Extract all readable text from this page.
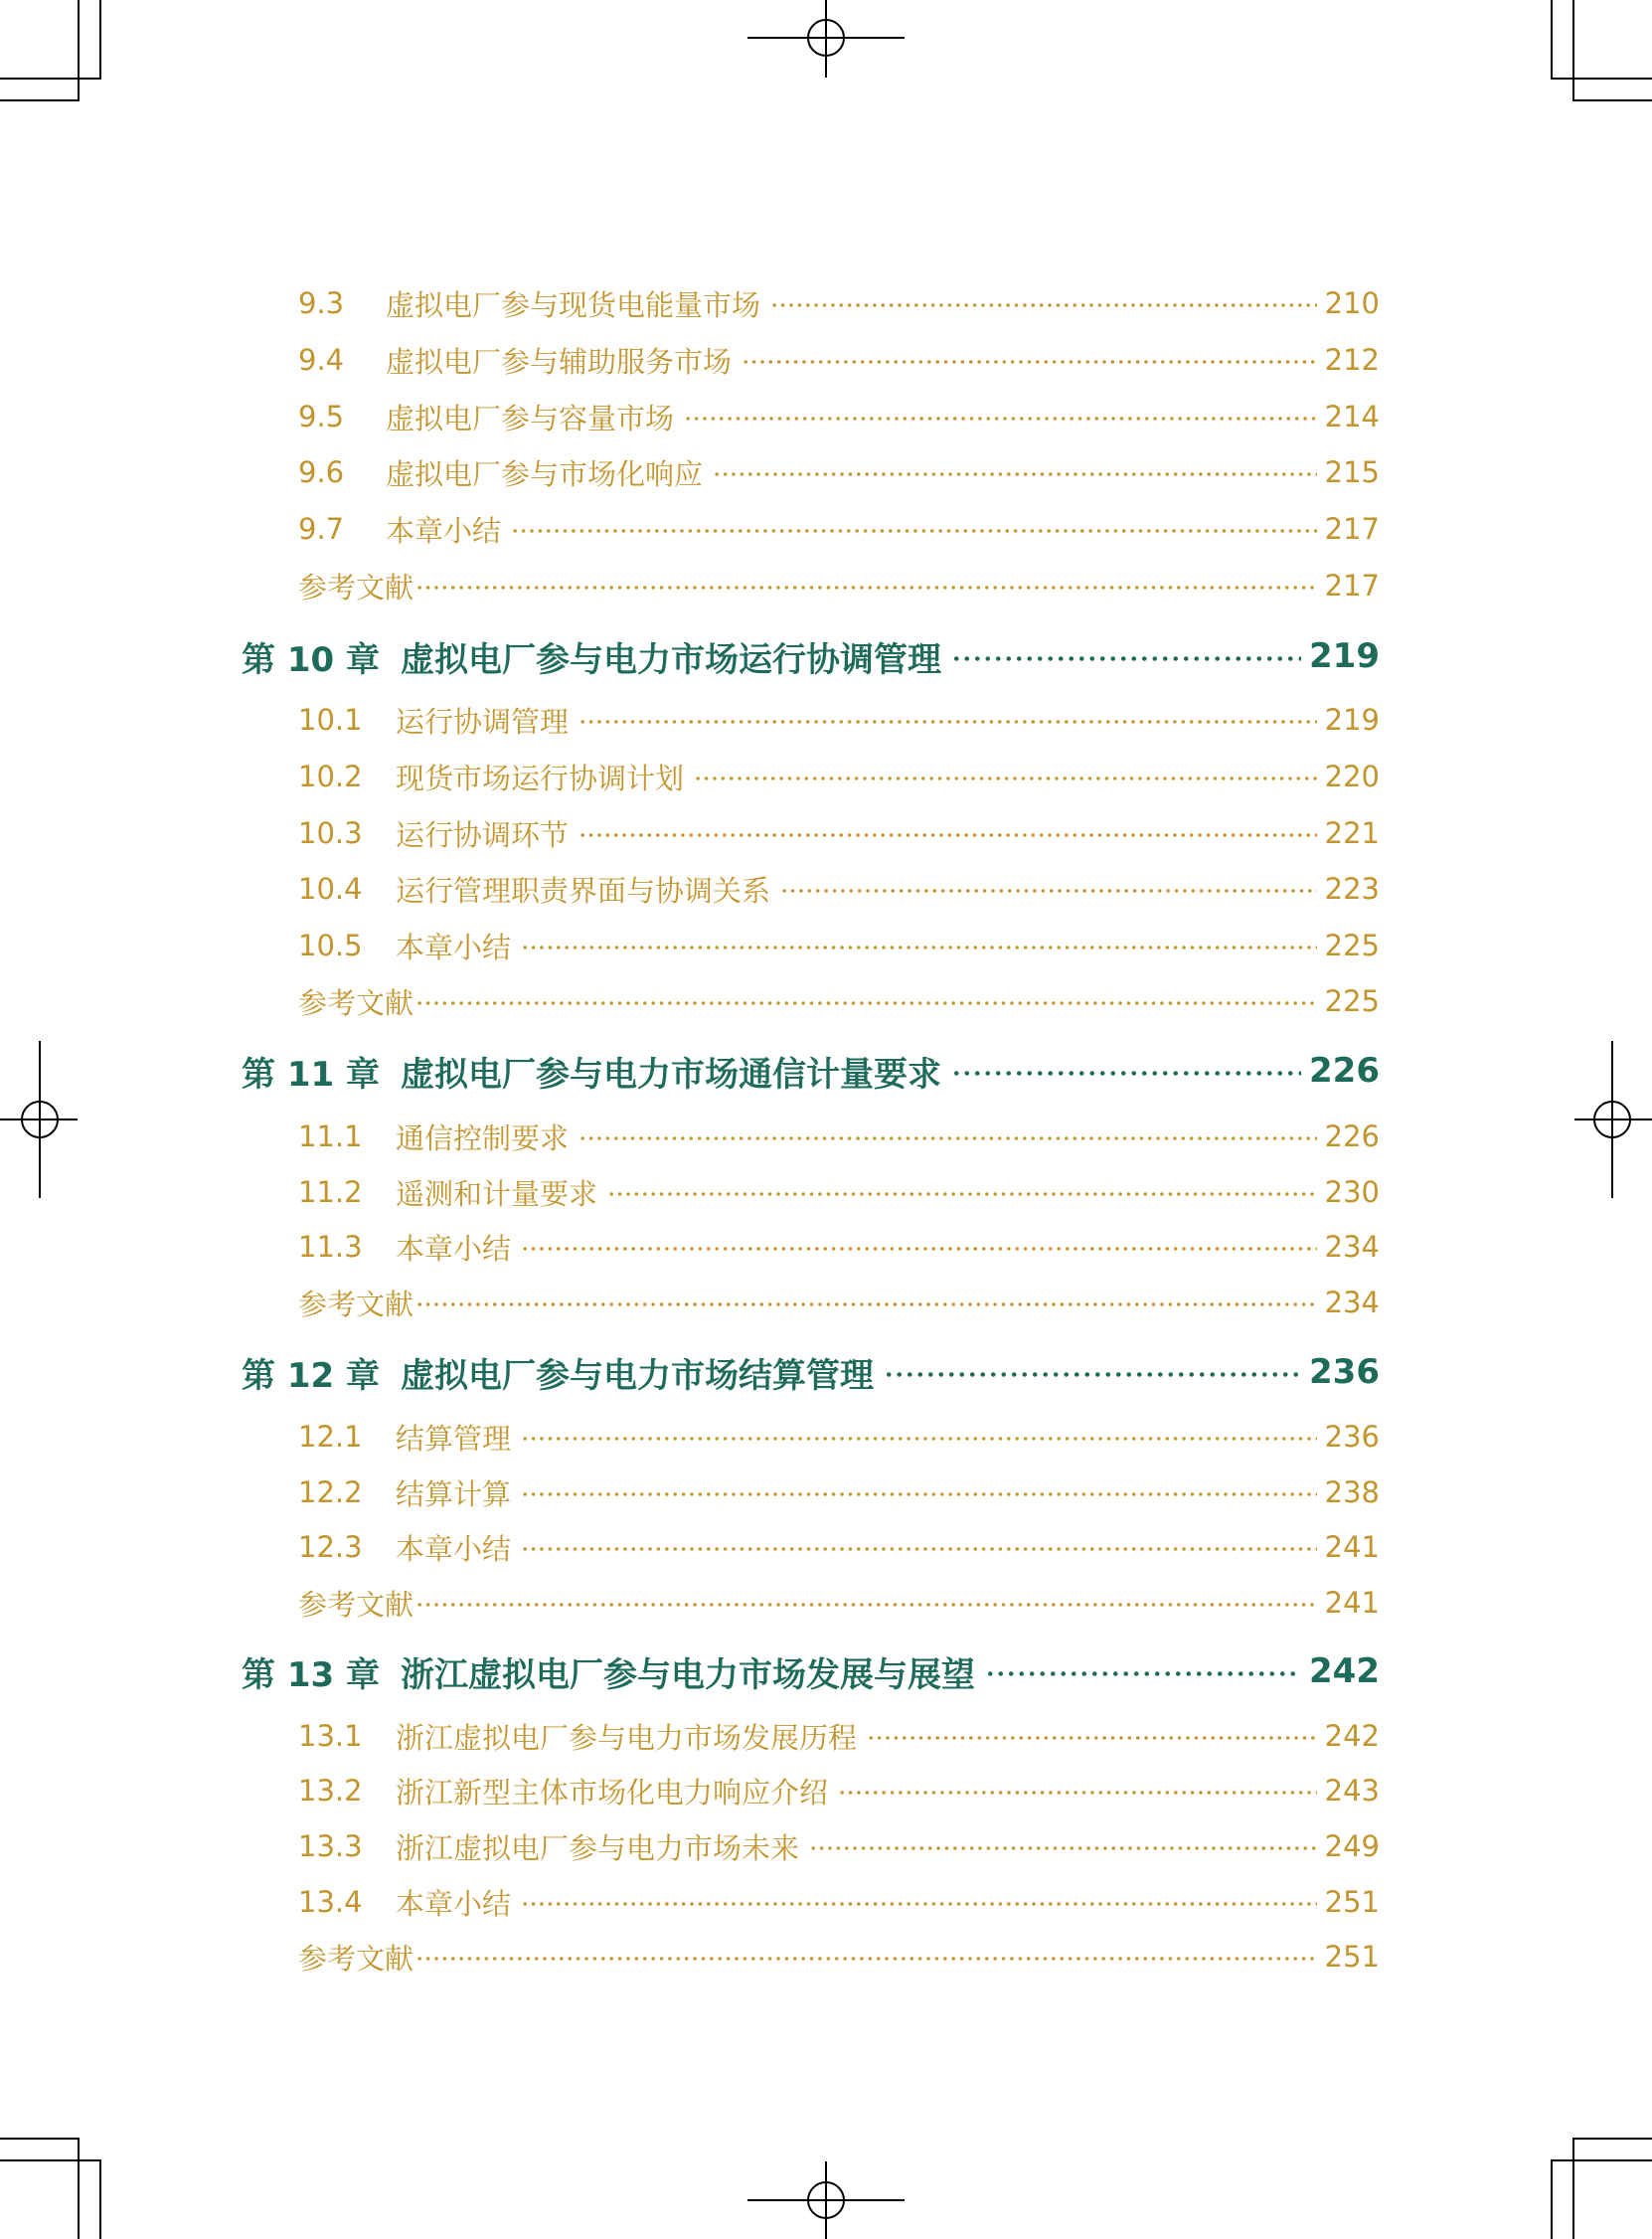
9.3	虚拟电厂参与现货电能量市场	210
9.4	虚拟电厂参与辅助服务市场	212
9.5	虚拟电厂参与容量市场	214
9.6	虚拟电厂参与市场化响应	215
9.7	本章小结	217
参考文献	217
第 10 章 虚拟电厂参与电力市场运行协调管理	219
10.1	运行协调管理	219
10.2	现货市场运行协调计划	220
10.3	运行协调环节	221
10.4	运行管理职责界面与协调关系	223
10.5	本章小结	225
参考文献	225
第 11 章 虚拟电厂参与电力市场通信计量要求	226
11.1	通信控制要求	226
11.2	遥测和计量要求	230
11.3	本章小结	234
参考文献	234
第 12 章 虚拟电厂参与电力市场结算管理	236
12.1	结算管理	236
12.2	结算计算	238
12.3	本章小结	241
参考文献	241
第 13 章 浙江虚拟电厂参与电力市场发展与展望	242
13.1	浙江虚拟电厂参与电力市场发展历程	242
13.2	浙江新型主体市场化电力响应介绍	243
13.3	浙江虚拟电厂参与电力市场未来	249
13.4	本章小结	251
参考文献	251
